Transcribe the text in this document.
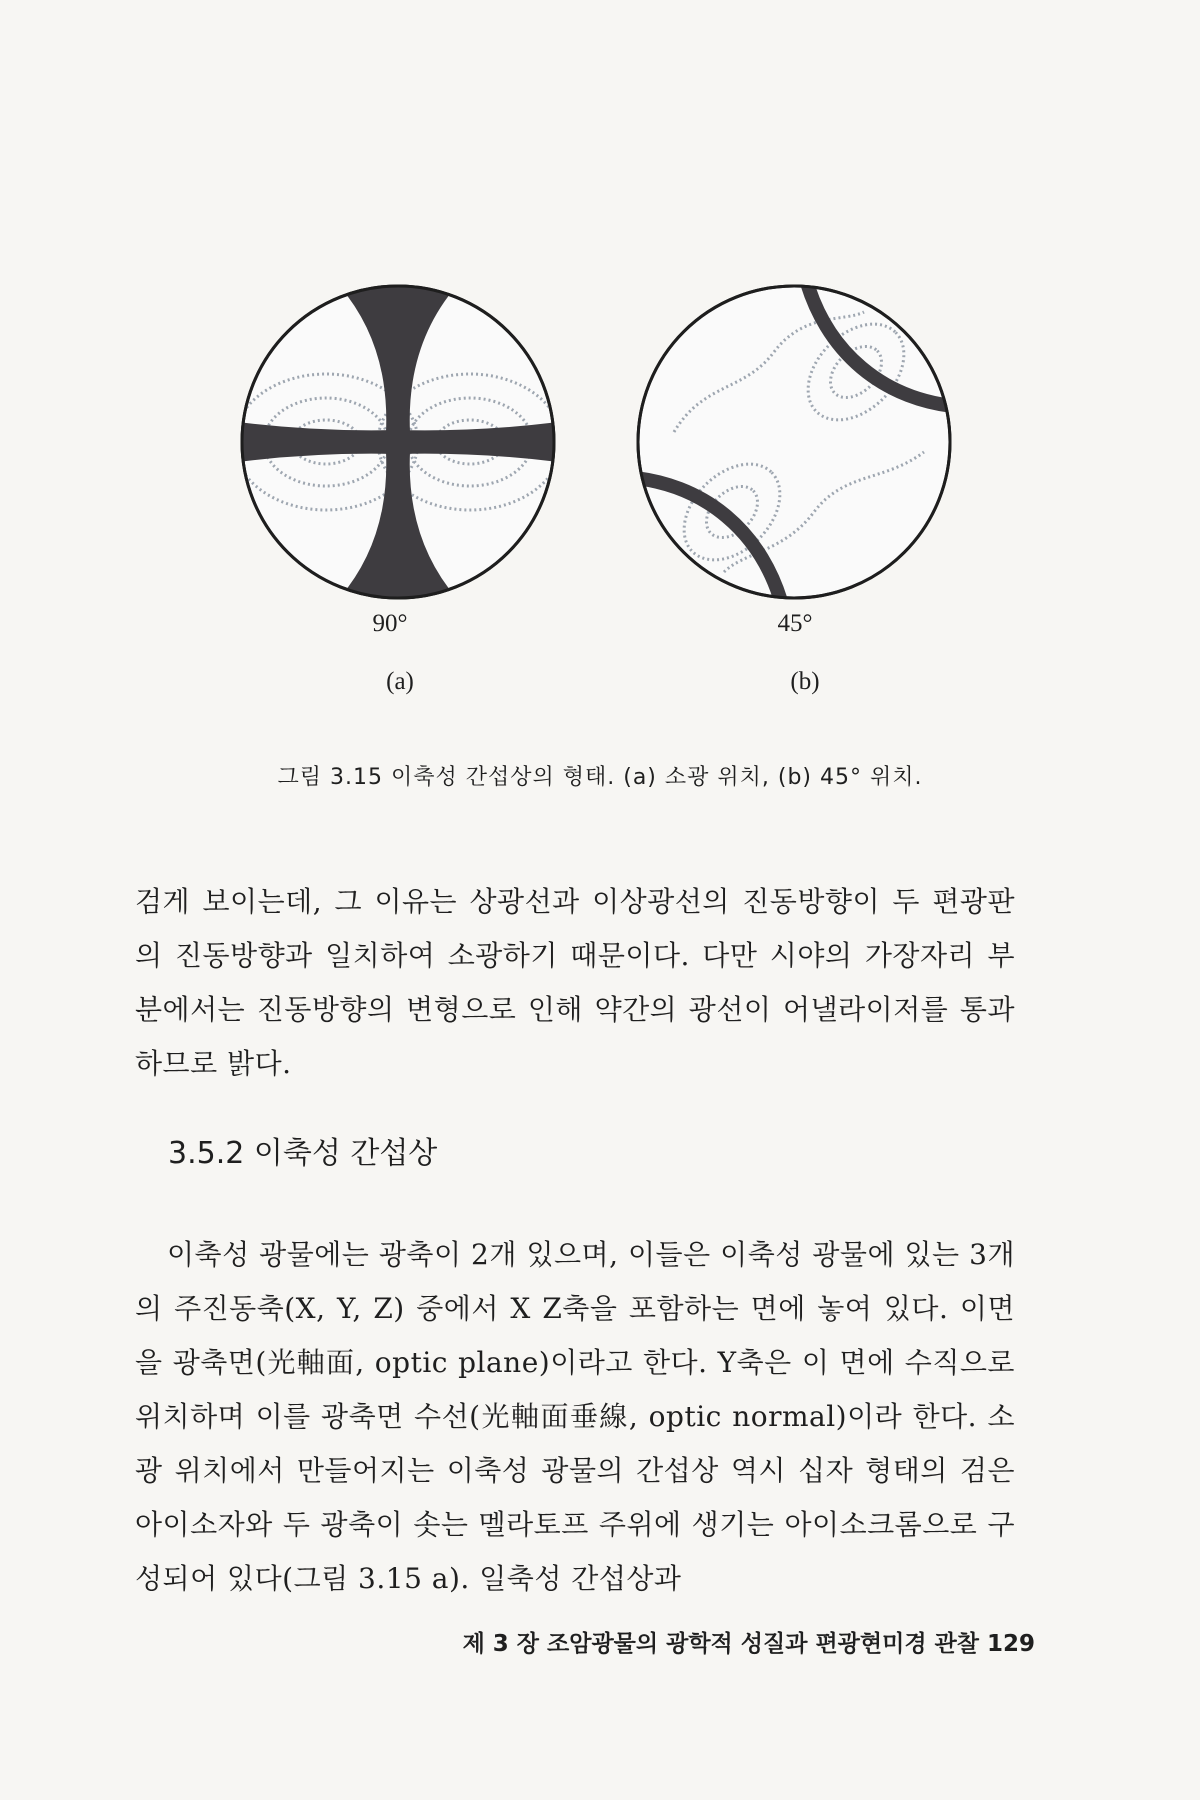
90°	45°
(a)	(b)
그림 3.15 이축성 간섭상의 형태. (a) 소광 위치, (b) 45° 위치.

검게 보이는데, 그 이유는 상광선과 이상광선의 진동방향이 두 편광판의 진동방향과 일치하여 소광하기 때문이다. 다만 시야의 가장자리 부분에서는 진동방향의 변형으로 인해 약간의 광선이 어낼라이저를 통과하므로 밝다.

3.5.2 이축성 간섭상

이축성 광물에는 광축이 2개 있으며, 이들은 이축성 광물에 있는 3개의 주진동축(X, Y, Z) 중에서 X Z축을 포함하는 면에 놓여 있다. 이면을 광축면(光軸面, optic plane)이라고 한다. Y축은 이 면에 수직으로 위치하며 이를 광축면 수선(光軸面垂線, optic normal)이라 한다. 소광 위치에서 만들어지는 이축성 광물의 간섭상 역시 십자 형태의 검은 아이소자와 두 광축이 솟는 멜라토프 주위에 생기는 아이소크롬으로 구성되어 있다(그림 3.15 a). 일축성 간섭상과

제 3 장 조암광물의 광학적 성질과 편광현미경 관찰 129
